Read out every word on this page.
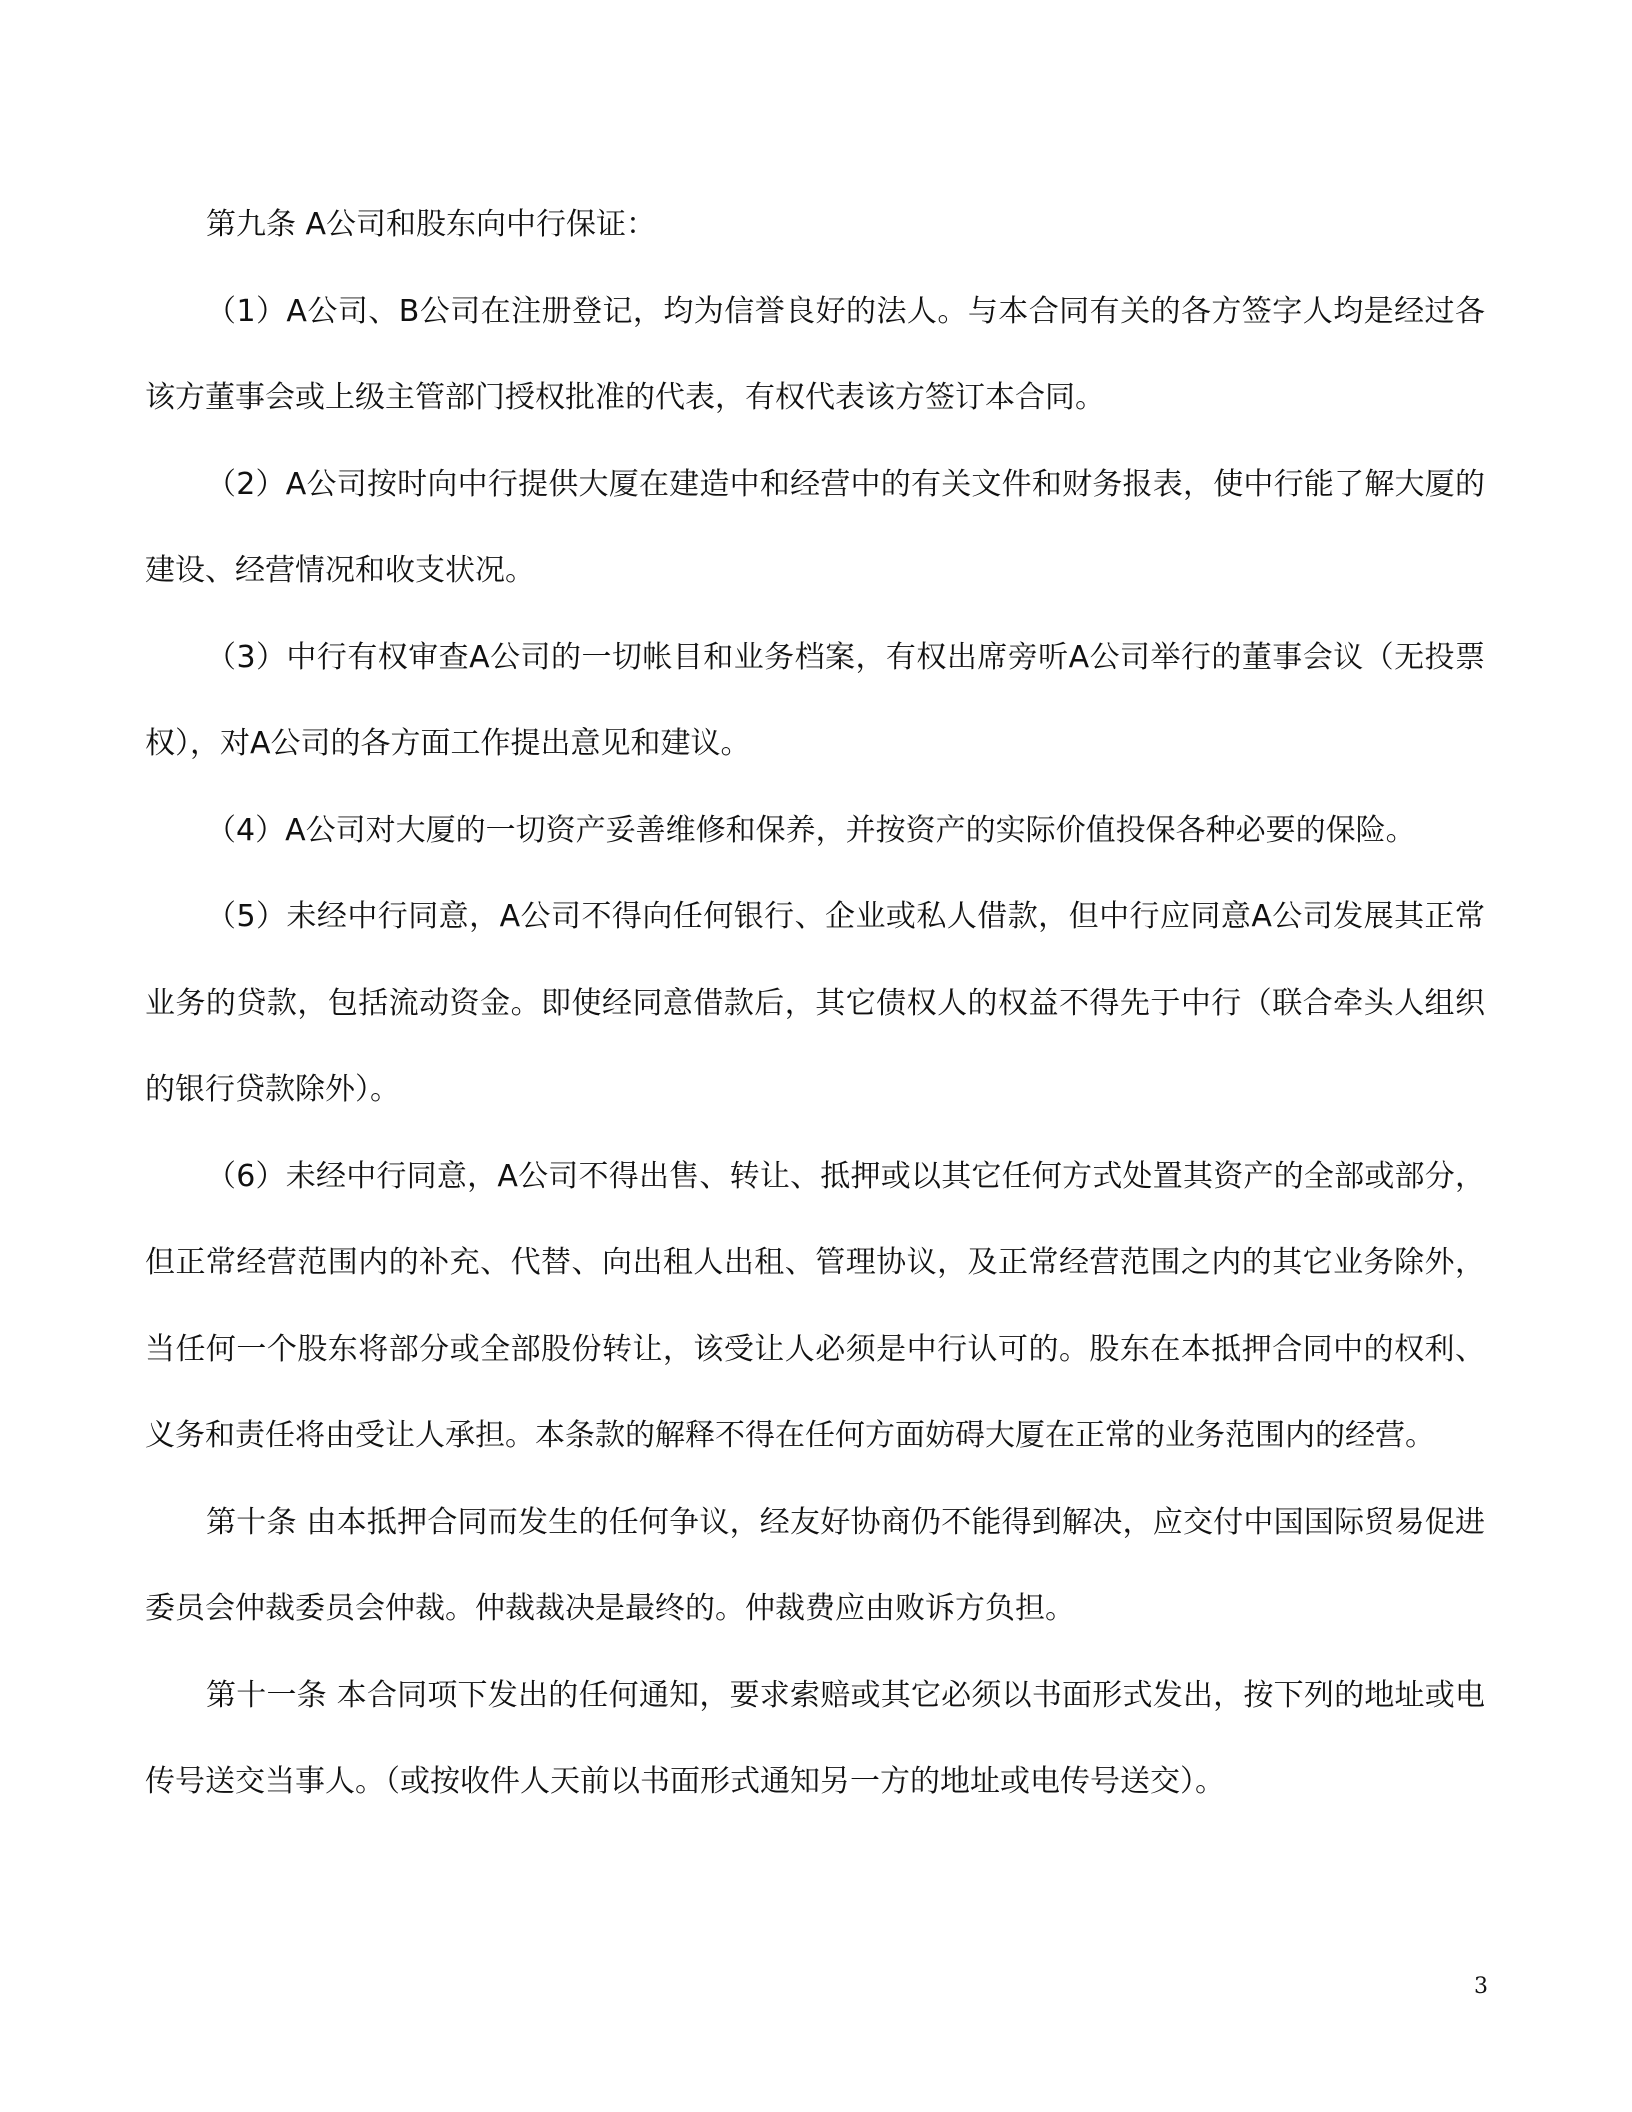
第九条 A公司和股东向中行保证：

（1）A公司、B公司在注册登记，均为信誉良好的法人。与本合同有关的各方签字人均是经过各该方董事会或上级主管部门授权批准的代表，有权代表该方签订本合同。

（2）A公司按时向中行提供大厦在建造中和经营中的有关文件和财务报表，使中行能了解大厦的建设、经营情况和收支状况。

（3）中行有权审查A公司的一切帐目和业务档案，有权出席旁听A公司举行的董事会议（无投票权），对A公司的各方面工作提出意见和建议。

（4）A公司对大厦的一切资产妥善维修和保养，并按资产的实际价值投保各种必要的保险。

（5）未经中行同意，A公司不得向任何银行、企业或私人借款，但中行应同意A公司发展其正常业务的贷款，包括流动资金。即使经同意借款后，其它债权人的权益不得先于中行（联合牵头人组织的银行贷款除外）。

（6）未经中行同意，A公司不得出售、转让、抵押或以其它任何方式处置其资产的全部或部分，但正常经营范围内的补充、代替、向出租人出租、管理协议，及正常经营范围之内的其它业务除外，当任何一个股东将部分或全部股份转让，该受让人必须是中行认可的。股东在本抵押合同中的权利、义务和责任将由受让人承担。本条款的解释不得在任何方面妨碍大厦在正常的业务范围内的经营。

第十条 由本抵押合同而发生的任何争议，经友好协商仍不能得到解决，应交付中国国际贸易促进委员会仲裁委员会仲裁。仲裁裁决是最终的。仲裁费应由败诉方负担。

第十一条 本合同项下发出的任何通知，要求索赔或其它必须以书面形式发出，按下列的地址或电传号送交当事人。（或按收件人天前以书面形式通知另一方的地址或电传号送交）。

3
